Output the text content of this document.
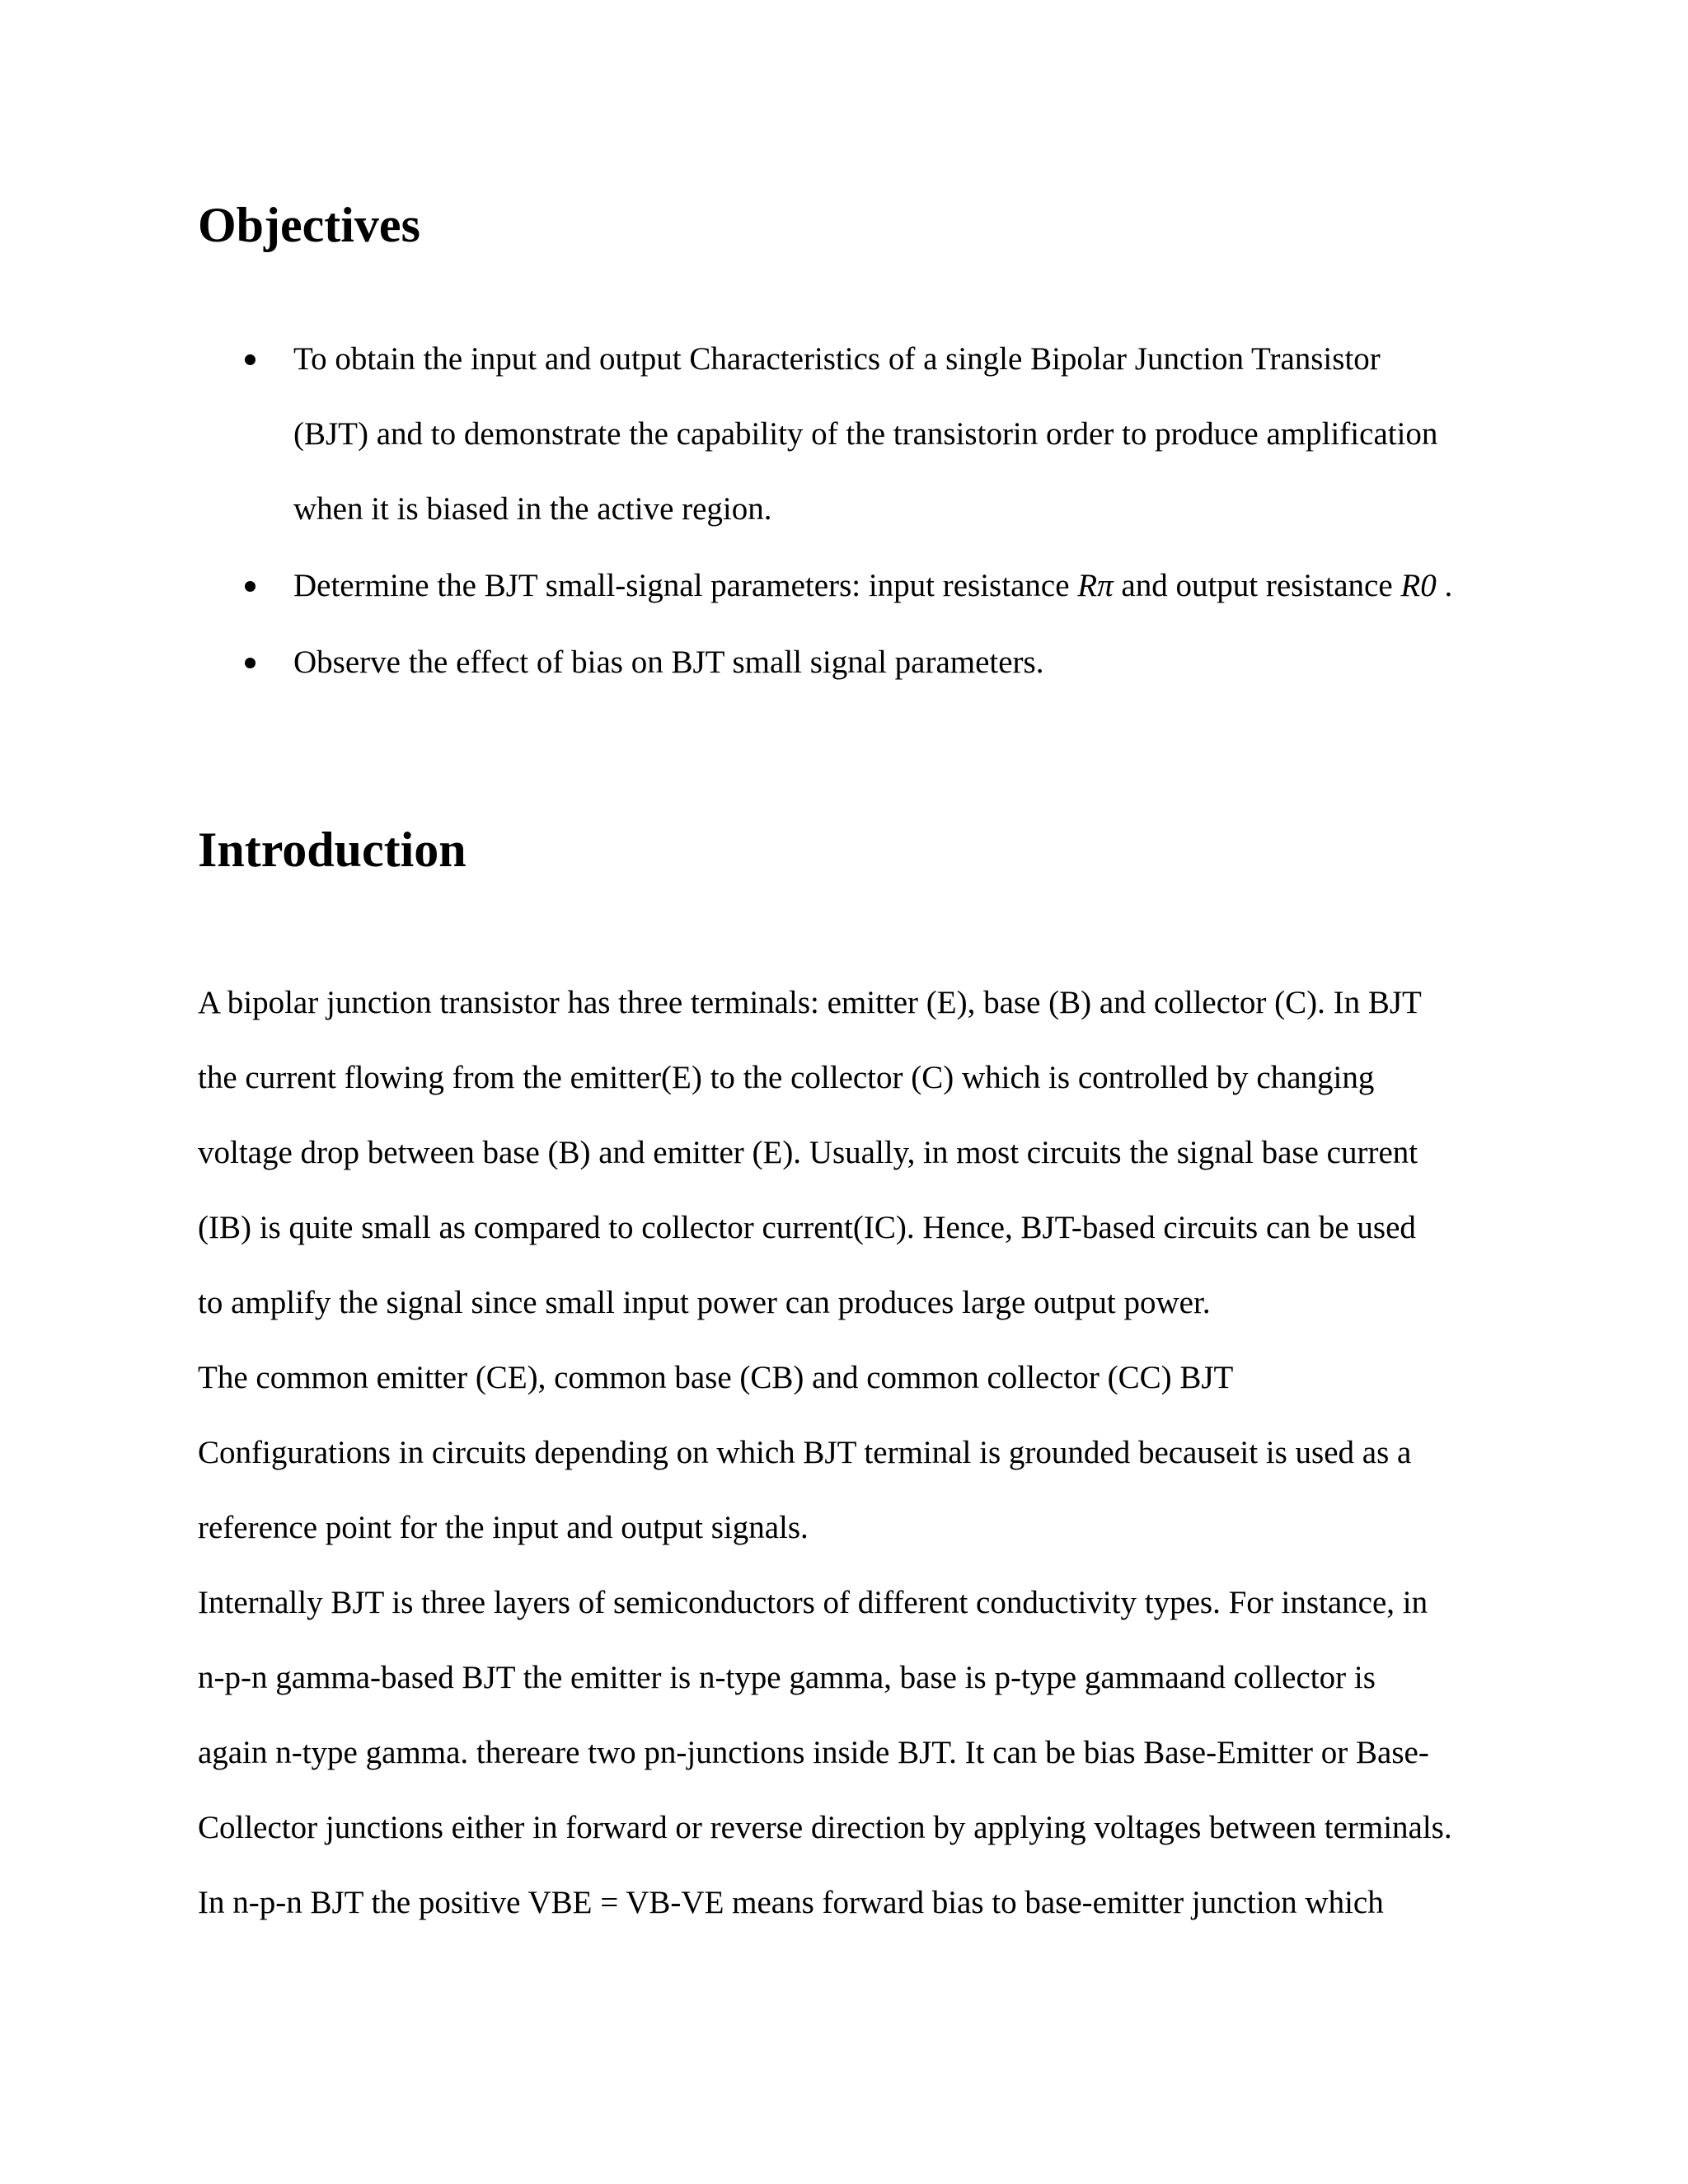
Objectives
To obtain the input and output Characteristics of a single Bipolar Junction Transistor
(BJT) and to demonstrate the capability of the transistorin order to produce amplification
when it is biased in the active region.
Determine the BJT small-signal parameters: input resistance Rπ and output resistance R0 .
Observe the effect of bias on BJT small signal parameters.
Introduction
A bipolar junction transistor has three terminals: emitter (E), base (B) and collector (C). In BJT
the current flowing from the emitter(E) to the collector (C) which is controlled by changing
voltage drop between base (B) and emitter (E). Usually, in most circuits the signal base current
(IB) is quite small as compared to collector current(IC). Hence, BJT-based circuits can be used
to amplify the signal since small input power can produces large output power.
The common emitter (CE), common base (CB) and common collector (CC) BJT
Configurations in circuits depending on which BJT terminal is grounded becauseit is used as a
reference point for the input and output signals.
Internally BJT is three layers of semiconductors of different conductivity types. For instance, in
n-p-n gamma-based BJT the emitter is n-type gamma, base is p-type gammaand collector is
again n-type gamma. thereare two pn-junctions inside BJT. It can be bias Base-Emitter or Base-
Collector junctions either in forward or reverse direction by applying voltages between terminals.
In n-p-n BJT the positive VBE = VB-VE means forward bias to base-emitter junction which
